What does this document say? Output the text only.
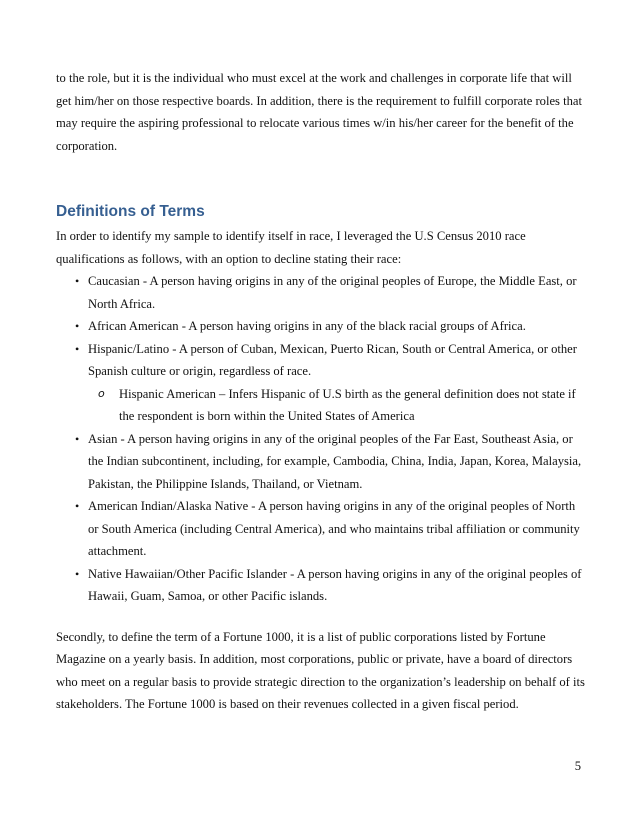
to the role, but it is the individual who must excel at the work and challenges in corporate life that will get him/her on those respective boards. In addition, there is the requirement to fulfill corporate roles that may require the aspiring professional to relocate various times w/in his/her career for the benefit of the corporation.

Definitions of Terms

In order to identify my sample to identify itself in race, I leveraged the U.S Census 2010 race qualifications as follows, with an option to decline stating their race:

• Caucasian - A person having origins in any of the original peoples of Europe, the Middle East, or North Africa.
• African American - A person having origins in any of the black racial groups of Africa.
• Hispanic/Latino - A person of Cuban, Mexican, Puerto Rican, South or Central America, or other Spanish culture or origin, regardless of race.
o Hispanic American – Infers Hispanic of U.S birth as the general definition does not state if the respondent is born within the United States of America
• Asian - A person having origins in any of the original peoples of the Far East, Southeast Asia, or the Indian subcontinent, including, for example, Cambodia, China, India, Japan, Korea, Malaysia, Pakistan, the Philippine Islands, Thailand, or Vietnam.
• American Indian/Alaska Native - A person having origins in any of the original peoples of North or South America (including Central America), and who maintains tribal affiliation or community attachment.
• Native Hawaiian/Other Pacific Islander - A person having origins in any of the original peoples of Hawaii, Guam, Samoa, or other Pacific islands.

Secondly, to define the term of a Fortune 1000, it is a list of public corporations listed by Fortune Magazine on a yearly basis. In addition, most corporations, public or private, have a board of directors who meet on a regular basis to provide strategic direction to the organization’s leadership on behalf of its stakeholders. The Fortune 1000 is based on their revenues collected in a given fiscal period.

5
